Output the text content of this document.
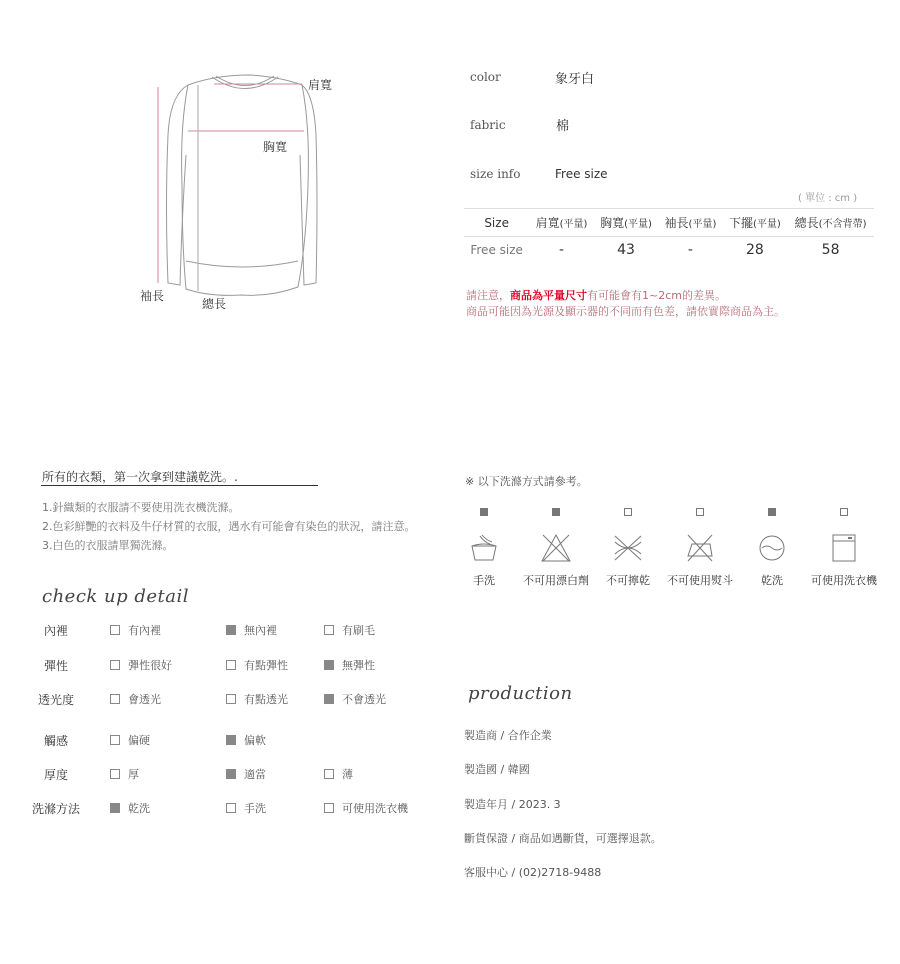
肩寬
胸寬
袖長
總長
color	象牙白
fabric	棉
size info	Free size
( 單位 : cm )
Size	肩寬(平量)	胸寬(平量)	袖長(平量)	下擺(平量)	總長(不含背帶)
Free size	-	43	-	28	58
請注意，商品為平量尺寸有可能會有1~2cm的差異。
商品可能因為光源及顯示器的不同而有色差，請依實際商品為主。
所有的衣類，第一次拿到建議乾洗。.
1.針織類的衣服請不要使用洗衣機洗滌。
2.色彩鮮艷的衣料及牛仔材質的衣服，遇水有可能會有染色的狀況，請注意。
3.白色的衣服請單獨洗滌。
check up detail
內裡	有內裡	無內裡	有刷毛
彈性	彈性很好	有點彈性	無彈性
透光度	會透光	有點透光	不會透光
觸感	偏硬	偏軟
厚度	厚	適當	薄
洗滌方法	乾洗	手洗	可使用洗衣機
※ 以下洗滌方式請參考。
手洗	不可用漂白劑 不可擰乾 不可使用熨斗	乾洗	可使用洗衣機
production
製造商 / 合作企業
製造國 / 韓國
製造年月 / 2023. 3
斷貨保證 / 商品如遇斷貨，可選擇退款。
客服中心 / (02)2718-9488
